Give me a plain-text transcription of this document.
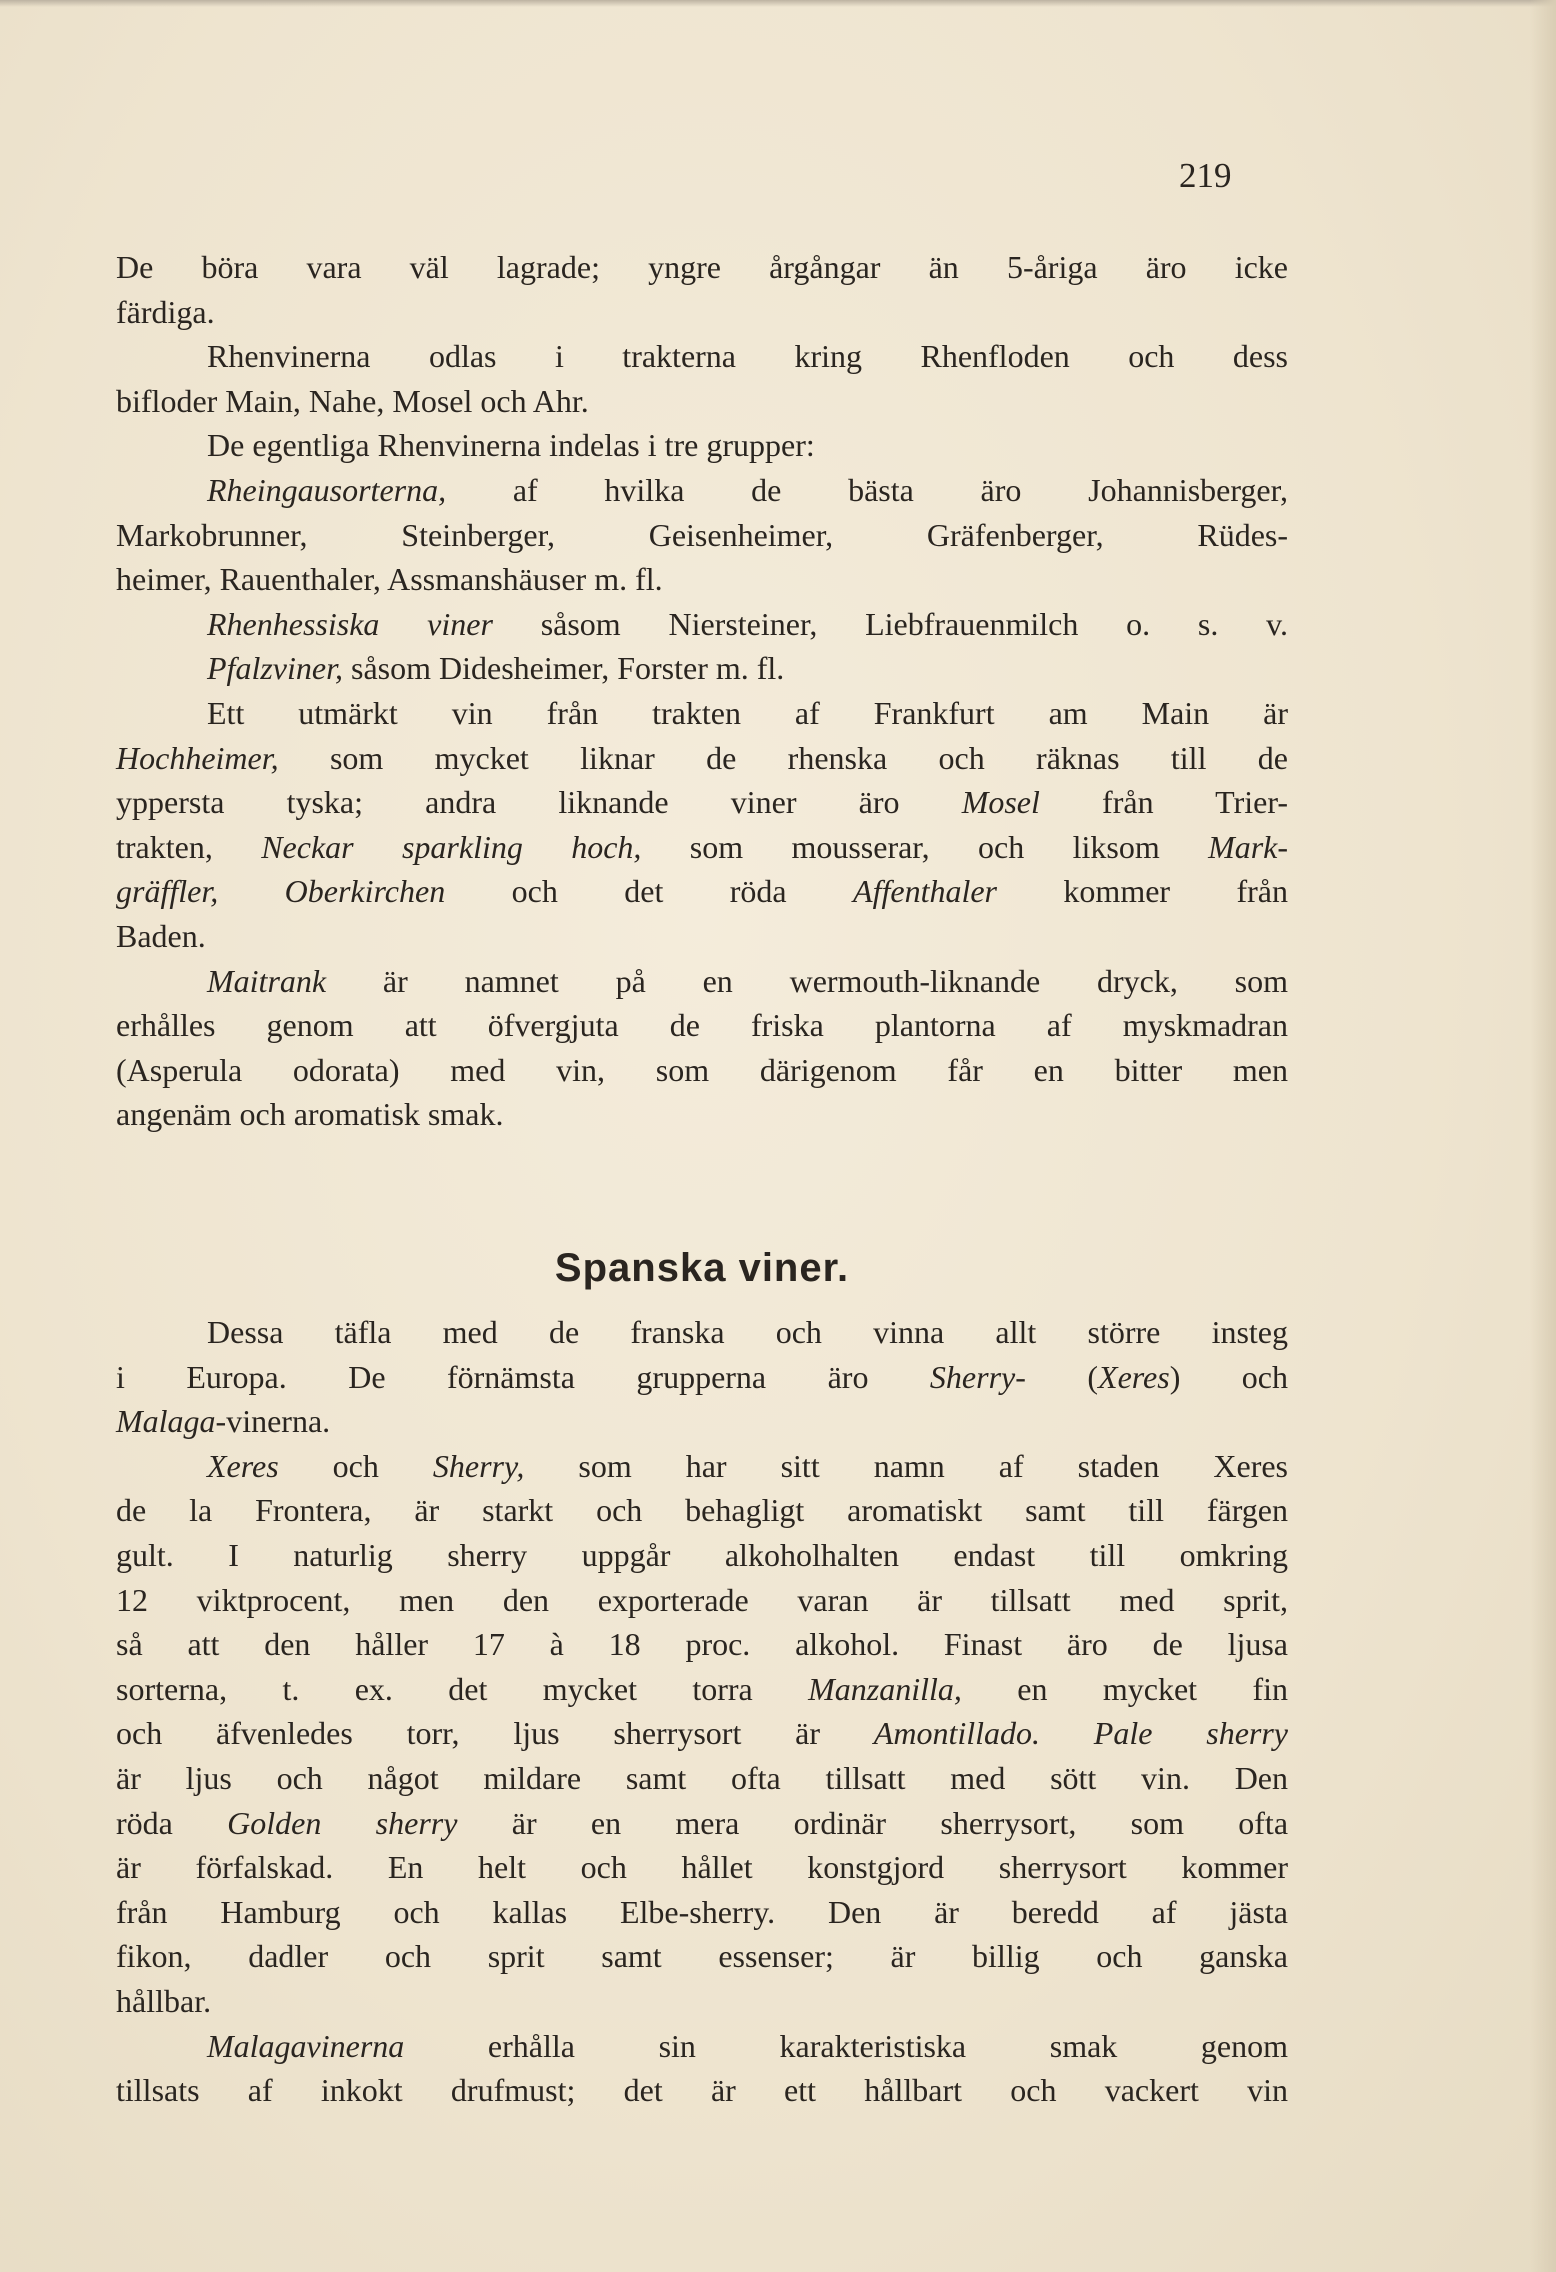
219
De böra vara väl lagrade; yngre årgångar än 5-åriga äro icke
färdiga.
Rhenvinerna odlas i trakterna kring Rhenfloden och dess
bifloder Main, Nahe, Mosel och Ahr.
De egentliga Rhenvinerna indelas i tre grupper:
Rheingausorterna, af hvilka de bästa äro Johannisberger,
Markobrunner, Steinberger, Geisenheimer, Gräfenberger, Rüdes-
heimer, Rauenthaler, Assmanshäuser m. fl.
Rhenhessiska viner såsom Niersteiner, Liebfrauenmilch o. s. v.
Pfalzviner, såsom Didesheimer, Forster m. fl.
Ett utmärkt vin från trakten af Frankfurt am Main är
Hochheimer, som mycket liknar de rhenska och räknas till de
yppersta tyska; andra liknande viner äro Mosel från Trier-
trakten, Neckar sparkling hoch, som mousserar, och liksom Mark-
gräffler, Oberkirchen och det röda Affenthaler kommer från
Baden.
Maitrank är namnet på en wermouth-liknande dryck, som
erhålles genom att öfvergjuta de friska plantorna af myskmadran
(Asperula odorata) med vin, som därigenom får en bitter men
angenäm och aromatisk smak.
Spanska viner.
Dessa täfla med de franska och vinna allt större insteg
i Europa. De förnämsta grupperna äro Sherry- (Xeres) och
Malaga-vinerna.
Xeres och Sherry, som har sitt namn af staden Xeres
de la Frontera, är starkt och behagligt aromatiskt samt till färgen
gult. I naturlig sherry uppgår alkoholhalten endast till omkring
12 viktprocent, men den exporterade varan är tillsatt med sprit,
så att den håller 17 à 18 proc. alkohol. Finast äro de ljusa
sorterna, t. ex. det mycket torra Manzanilla, en mycket fin
och äfvenledes torr, ljus sherrysort är Amontillado. Pale sherry
är ljus och något mildare samt ofta tillsatt med sött vin. Den
röda Golden sherry är en mera ordinär sherrysort, som ofta
är förfalskad. En helt och hållet konstgjord sherrysort kommer
från Hamburg och kallas Elbe-sherry. Den är beredd af jästa
fikon, dadler och sprit samt essenser; är billig och ganska
hållbar.
Malagavinerna erhålla sin karakteristiska smak genom
tillsats af inkokt drufmust; det är ett hållbart och vackert vin
